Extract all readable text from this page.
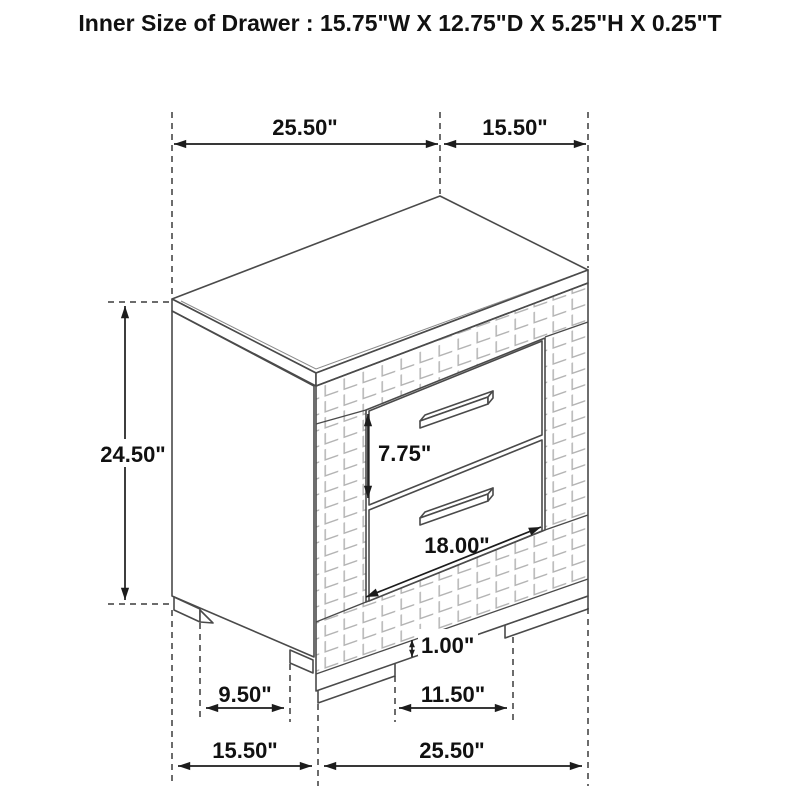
Inner Size of Drawer : 15.75"W X 12.75"D X 5.25"H X 0.25"T
25.50"	15.50"
24.50"	7.75"
18.00"
1.00"
9.50"	11.50"
15.50"	25.50"
